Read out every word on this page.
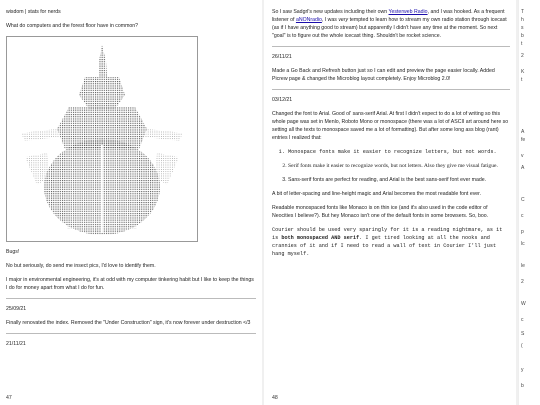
wisdom | stats for nerds

What do computers and the forest floor have in common?

Bugs!

No but seriously, do send me insect pics, I'd love to identify them.

I major in environmental engineering, it's at odd with my computer tinkering habit but I like to keep the things I do for money apart from what I do for fun.

25/09/21

Finally renovated the index. Removed the "Under Construction" sign, it's now forever under destruction </3

21/11/21

47

So I saw Sadgrl's new updates including their own Yesterweb Radio, and I was hooked. As a frequent listener of aNONradio, I was very tempted to learn how to stream my own radio station through icecast (as if I have anything good to stream) but apparently I didn't have any time at the moment. So next "goal" is to figure out the whole icecast thing. Shouldn't be rocket science.

26/11/21

Made a Go Back and Refresh button just so I can edit and preview the page easier locally. Added Picrew page & changed the Microblog layout completely. Enjoy Microblog 2.0!

03/12/21

Changed the font to Arial. Good ol' sans-serif Arial. At first I didn't expect to do a lot of writing so this whole page was set in Menlo, Roboto Mono or monospace (there was a lot of ASCII art around here so setting all the texts to monospace saved me a lot of formatting). But after some long ass blog (rant) entries I realized that:

1. Monospace fonts make it easier to recognize letters, but not words.
2. Serif fonts make it easier to recognize words, but not letters. Also they give me visual fatigue.
3. Sans-serif fonts are perfect for reading, and Arial is the best sans-serif font ever made.

A bit of letter-spacing and line-height magic and Arial becomes the most readable font ever.

Readable monospaced fonts like Monaco is on thin ice (and it's also used in the code editor of Neocities I believe?). But hey Monaco isn't one of the default fonts in some browsers. So, boo.

Courier should be used very sparingly for it is a reading nightmare, as it is both monospaced AND serif. I get tired looking at all the nooks and crannies of it and if I need to read a wall of text in Courier I'll just hang myself.

48
T
h
s
b
t
2
K
t
A
fe
v
A
C
c
p
lc
le
2
W
c
S
(
y
b
